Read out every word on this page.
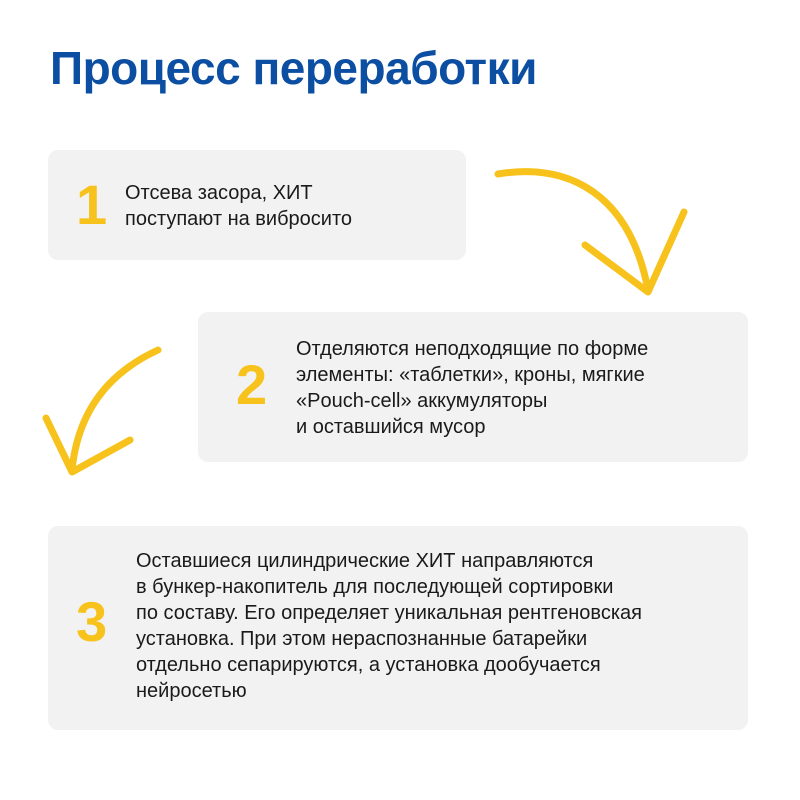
Процесс переработки
1 Отсева засора, ХИТ
поступают на вибросито
2
Отделяются неподходящие по форме
элементы: «таблетки», кроны, мягкие
«Pouch-cell» аккумуляторы
и оставшийся мусор
3
Оставшиеся цилиндрические ХИТ направляются
в бункер-накопитель для последующей сортировки
по составу. Его определяет уникальная рентгеновская
установка. При этом нераспознанные батарейки
отдельно сепарируются, а установка дообучается
нейросетью
